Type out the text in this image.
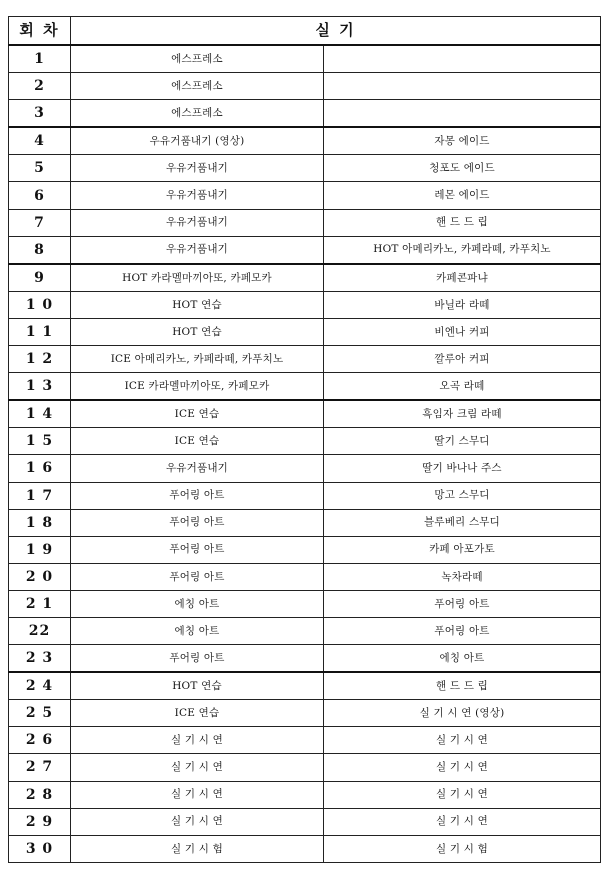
회 차	실 기	
1	에스프레소	
2	에스프레소	
3	에스프레소	
4	우유거품내기 (영상)	자몽 에이드
5	우유거품내기	청포도 에이드
6	우유거품내기	레몬 에이드
7	우유거품내기	핸 드 드 립
8	우유거품내기	HOT 아메리카노, 카페라떼, 카푸치노
9	HOT 카라멜마끼아또, 카페모카	카페콘파냐
1 0	HOT 연습	바닐라 라떼
1 1	HOT 연습	비엔나 커피
1 2	ICE 아메리카노, 카페라떼, 카푸치노	깔루아 커피
1 3	ICE 카라멜마끼아또, 카페모카	오곡 라떼
1 4	ICE 연습	흑임자 크림 라떼
1 5	ICE 연습	딸기 스무디
1 6	우유거품내기	딸기 바나나 주스
1 7	푸어링 아트	망고 스무디
1 8	푸어링 아트	블루베리 스무디
1 9	푸어링 아트	카페 아포가토
2 0	푸어링 아트	녹차라떼
2 1	에칭 아트	푸어링 아트
22	에칭 아트	푸어링 아트
2 3	푸어링 아트	에칭 아트
2 4	HOT 연습	핸 드 드 립
2 5	ICE 연습	실 기 시 연 (영상)
2 6	실 기 시 연	실 기 시 연
2 7	실 기 시 연	실 기 시 연
2 8	실 기 시 연	실 기 시 연
2 9	실 기 시 연	실 기 시 연
3 0	실 기 시 험	실 기 시 험
